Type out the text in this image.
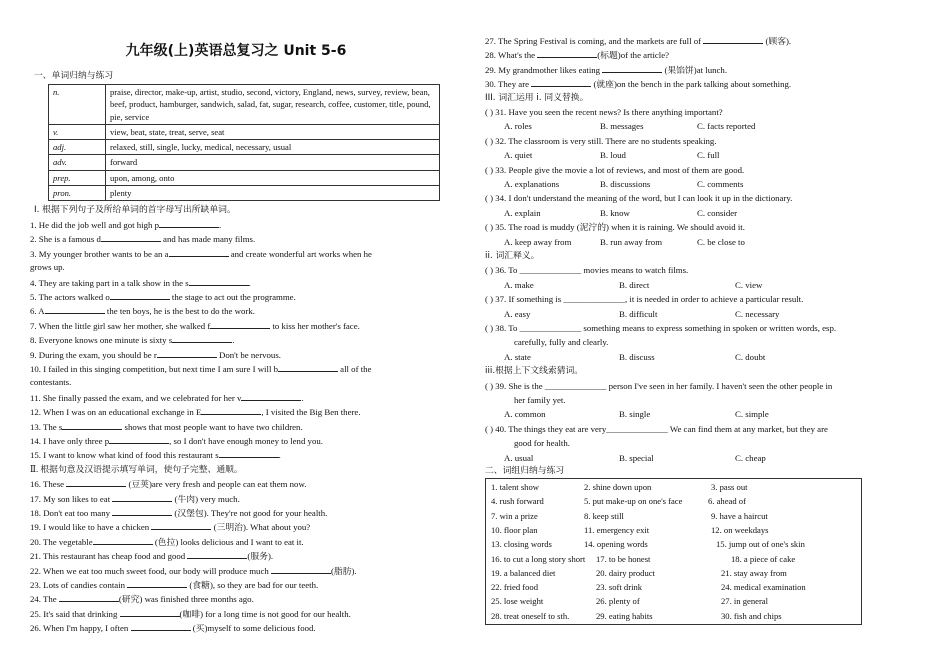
九年级(上)英语总复习之 Unit 5-6
一、单词归纳与练习
n.	praise, director, make-up, artist, studio, second, victory, England, news, survey, review, bean, beef, product, hamburger, sandwich, salad, fat, sugar, research, coffee, customer, title, pound, pie, service
v.	view, beat, state, treat, serve, seat
adj.	relaxed, still, single, lucky, medical, necessary, usual
adv.	forward
prep.	upon, among, onto
pron.	plenty
I. 根据下列句子及所给单词的首字母写出所缺单词。
1. He did the job well and got high p	.
2. She is a famous d	and has made many films.
3. My younger brother wants to be an a	and create wonderful art works when he
grows up.
4. They are taking part in a talk show in the s	.
5. The actors walked o	the stage to act out the programme.
6. A	the ten boys, he is the best to do the work.
7. When the little girl saw her mother, she walked f	to kiss her mother's face.
8. Everyone knows one minute is sixty s	.
9. During the exam, you should be r	Don't be nervous.
10. I failed in this singing competition, but next time I am sure I will b	all of the
contestants.
11. She finally passed the exam, and we celebrated for her v	.
12. When I was on an educational exchange in E	, I visited the Big Ben there.
13. The s	shows that most people want to have two children.
14. I have only three p	, so I don't have enough money to lend you.
15. I want to know what kind of food this restaurant s	.
Ⅱ. 根据句意及汉语提示填写单词，使句子完整、通顺。
16. These	(豆荚)are very fresh and people can eat them now.
17. My son likes to eat	(牛肉) very much.
18. Don't eat too many	(汉堡包). They're not good for your health.
19. I would like to have a chicken	(三明治). What about you?
20. The vegetable	(色拉) looks delicious and I want to eat it.
21. This restaurant has cheap food and good	(服务).
22. When we eat too much sweet food, our body will produce much	(脂肪).
23. Lots of candies contain	(食糖), so they are bad for our teeth.
24. The	(研究) was finished three months ago.
25. It's said that drinking	(咖啡) for a long time is not good for our health.
26. When I'm happy, I often	(买)myself to some delicious food.
27. The Spring Festival is coming, and the markets are full of	(顾客).
28. What's the	(标题)of the article?
29. My grandmother likes eating	(果馅饼)at lunch.
30. They are	(就座)on the bench in the park talking about something.
III. 词汇运用 i. 同义替换。
( ) 31. Have you seen the recent news? Is there anything important?
A. roles	B. messages	C. facts reported
( ) 32. The classroom is very still. There are no students speaking.
A. quiet	B. loud	C. full
( ) 33. People give the movie a lot of reviews, and most of them are good.
A. explanations	B. discussions	C. comments
( ) 34. I don't understand the meaning of the word, but I can look it up in the dictionary.
A. explain	B. know	C. consider
( ) 35. The road is muddy (泥泞的) when it is raining. We should avoid it.
A. keep away from	B. run away from	C. be close to
ii. 词汇释义。
( ) 36. To ______________ movies means to watch films.
A. make	B. direct	C. view
( ) 37. If something is ______________, it is needed in order to achieve a particular result.
A. easy	B. difficult	C. necessary
( ) 38. To ______________ something means to express something in spoken or written words, esp.
carefully, fully and clearly.
A. state	B. discuss	C. doubt
iii.根据上下文线索猜词。
( ) 39. She is the ______________ person I've seen in her family. I haven't seen the other people in
her family yet.
A. common	B. single	C. simple
( ) 40. The things they eat are very______________ We can find them at any market, but they are
good for health.
A. usual	B. special	C. cheap
二、词组归纳与练习
1. talent show	2. shine down upon	3. pass out
4. rush forward	5. put make-up on one's face	6. ahead of
7. win a prize	8. keep still	9. have a haircut
10. floor plan	11. emergency exit	12. on weekdays
13. closing words	14. opening words	15. jump out of one's skin
16. to cut a long story short 17. to be honest	18. a piece of cake
19. a balanced diet	20. dairy product	21. stay away from
22. fried food	23. soft drink	24. medical examination
25. lose weight	26. plenty of	27. in general
28. treat oneself to sth.	29. eating habits	30. fish and chips
